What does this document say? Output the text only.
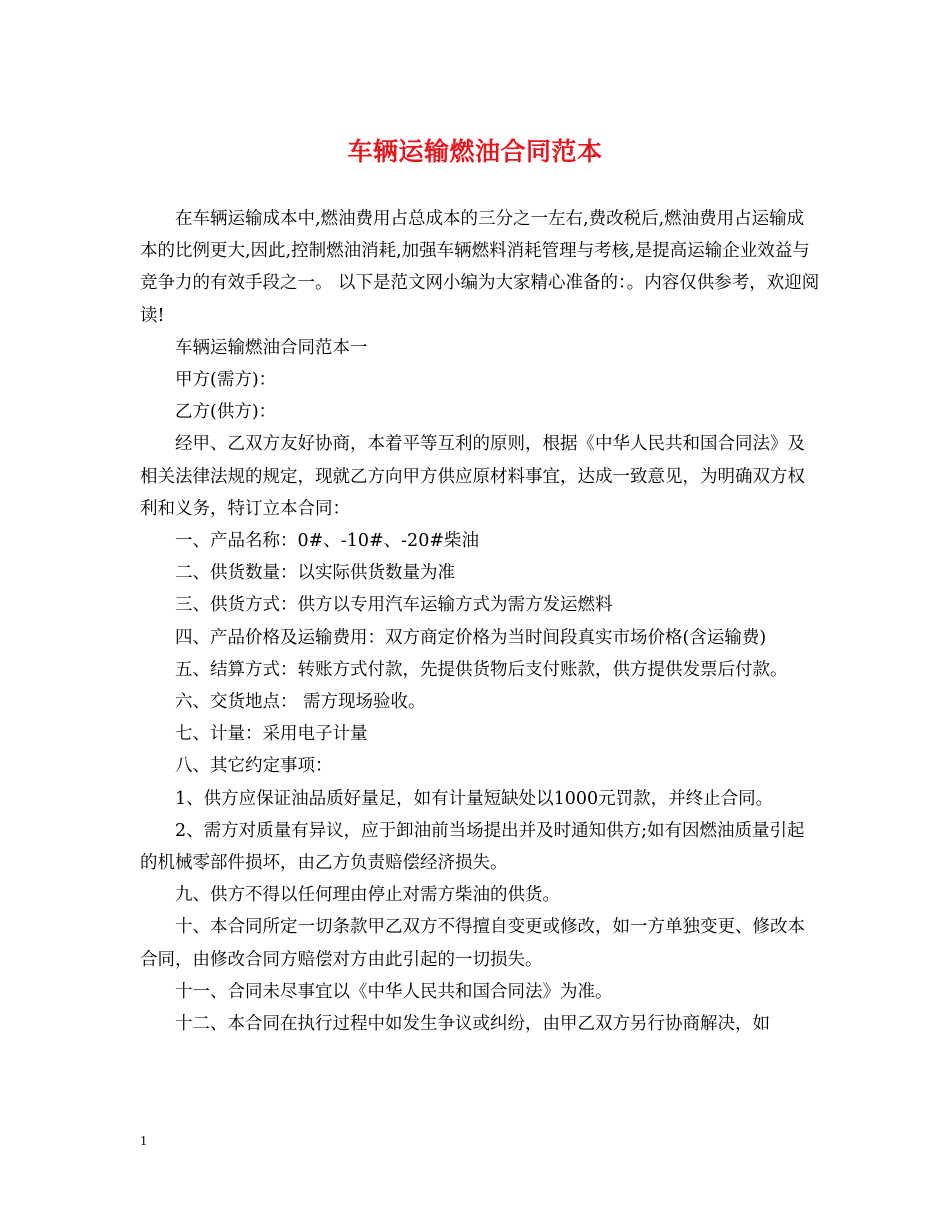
车辆运输燃油合同范本

在车辆运输成本中,燃油费用占总成本的三分之一左右,费改税后,燃油费用占运输成本的比例更大,因此,控制燃油消耗,加强车辆燃料消耗管理与考核,是提高运输企业效益与竞争力的有效手段之一。 以下是范文网小编为大家精心准备的：。内容仅供参考，欢迎阅读!

车辆运输燃油合同范本一

甲方(需方)：

乙方(供方)：

经甲、乙双方友好协商，本着平等互利的原则，根据《中华人民共和国合同法》及相关法律法规的规定，现就乙方向甲方供应原材料事宜，达成一致意见，为明确双方权利和义务，特订立本合同：

一、产品名称：0#、-10#、-20#柴油

二、供货数量：以实际供货数量为准

三、供货方式：供方以专用汽车运输方式为需方发运燃料

四、产品价格及运输费用：双方商定价格为当时间段真实市场价格(含运输费)

五、结算方式：转账方式付款，先提供货物后支付账款，供方提供发票后付款。

六、交货地点： 需方现场验收。

七、计量：采用电子计量

八、其它约定事项：

1、供方应保证油品质好量足，如有计量短缺处以1000元罚款，并终止合同。

2、需方对质量有异议，应于卸油前当场提出并及时通知供方;如有因燃油质量引起的机械零部件损坏，由乙方负责赔偿经济损失。

九、供方不得以任何理由停止对需方柴油的供货。

十、本合同所定一切条款甲乙双方不得擅自变更或修改，如一方单独变更、修改本合同，由修改合同方赔偿对方由此引起的一切损失。

十一、合同未尽事宜以《中华人民共和国合同法》为准。

十二、本合同在执行过程中如发生争议或纠纷，由甲乙双方另行协商解决，如

1
